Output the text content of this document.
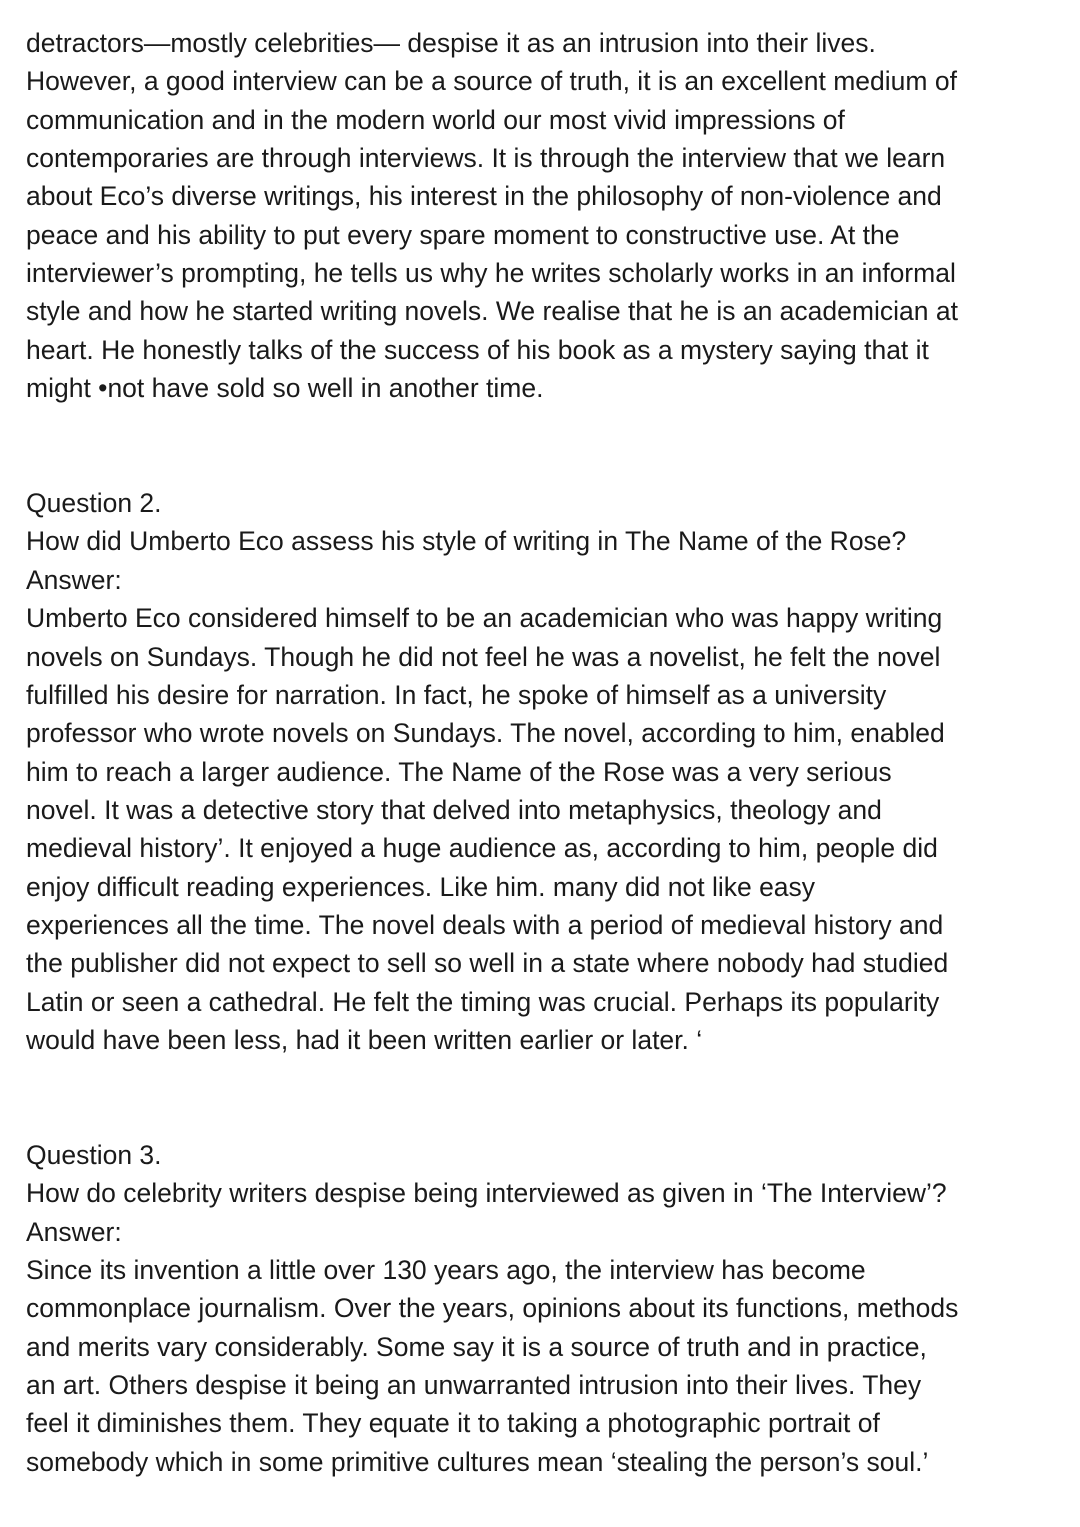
detractors—mostly celebrities— despise it as an intrusion into their lives.
However, a good interview can be a source of truth, it is an excellent medium of
communication and in the modern world our most vivid impressions of
contemporaries are through interviews. It is through the interview that we learn
about Eco’s diverse writings, his interest in the philosophy of non-violence and
peace and his ability to put every spare moment to constructive use. At the
interviewer’s prompting, he tells us why he writes scholarly works in an informal
style and how he started writing novels. We realise that he is an academician at
heart. He honestly talks of the success of his book as a mystery saying that it
might •not have sold so well in another time.
Question 2.
How did Umberto Eco assess his style of writing in The Name of the Rose?
Answer:
Umberto Eco considered himself to be an academician who was happy writing
novels on Sundays. Though he did not feel he was a novelist, he felt the novel
fulfilled his desire for narration. In fact, he spoke of himself as a university
professor who wrote novels on Sundays. The novel, according to him, enabled
him to reach a larger audience. The Name of the Rose was a very serious
novel. It was a detective story that delved into metaphysics, theology and
medieval history’. It enjoyed a huge audience as, according to him, people did
enjoy difficult reading experiences. Like him. many did not like easy
experiences all the time. The novel deals with a period of medieval history and
the publisher did not expect to sell so well in a state where nobody had studied
Latin or seen a cathedral. He felt the timing was crucial. Perhaps its popularity
would have been less, had it been written earlier or later. ‘
Question 3.
How do celebrity writers despise being interviewed as given in ‘The Interview’?
Answer:
Since its invention a little over 130 years ago, the interview has become
commonplace journalism. Over the years, opinions about its functions, methods
and merits vary considerably. Some say it is a source of truth and in practice,
an art. Others despise it being an unwarranted intrusion into their lives. They
feel it diminishes them. They equate it to taking a photographic portrait of
somebody which in some primitive cultures mean ‘stealing the person’s soul.’
